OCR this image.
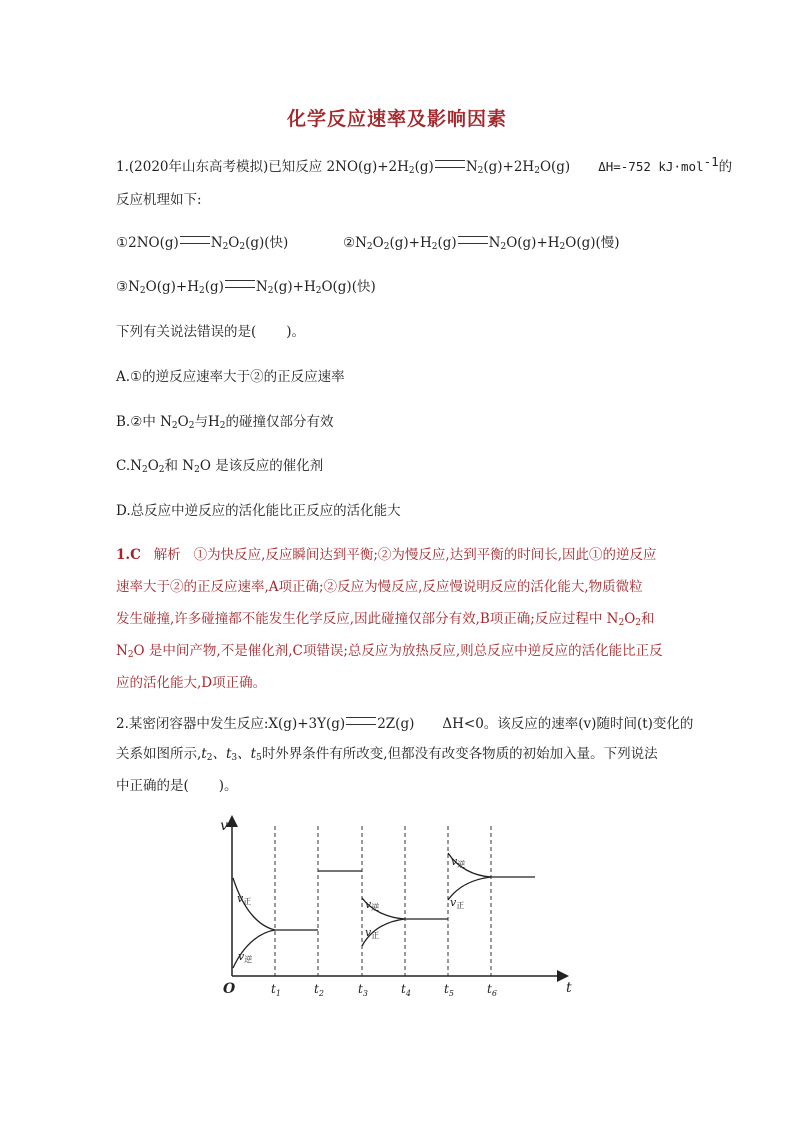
化学反应速率及影响因素
1.(2020年山东高考模拟)已知反应 $2NO(g)+2H_2(g)$ $N_2(g)+2H_2O(g)$ ΔH=-752 kJ·mol$^{-1}$的
反应机理如下:
①2NO(g) $N_2O_2(g)$(快)	$②N_2O_2(g)+H_2(g)$ $N_2O(g)+H_2O(g)$(慢)
$③N_2O(g)+H_2(g)$ $N_2(g)+H_2O(g)$(快)
下列有关说法错误的是( )。
A.①的逆反应速率大于②的正反应速率
B.②中 $N_2O_2$与$H_2$的碰撞仅部分有效
$C.N_2O_2$和 $N_2O$ 是该反应的催化剂
D.总反应中逆反应的活化能比正反应的活化能大
1.C 解析 ①为快反应,反应瞬间达到平衡;②为慢反应,达到平衡的时间长,因此①的逆反应
速率大于②的正反应速率,A项正确;②反应为慢反应,反应慢说明反应的活化能大,物质微粒
发生碰撞,许多碰撞都不能发生化学反应,因此碰撞仅部分有效,B项正确;反应过程中 $N_2O_2$和
$N_2O$ 是中间产物,不是催化剂,C项错误;总反应为放热反应,则总反应中逆反应的活化能比正反
应的活化能大,D项正确。
2.某密闭容器中发生反应:X(g)+3Y(g) 2Z(g) ΔH<0。该反应的速率(v)随时间(t)变化的
关系如图所示$,t_2$、$t_3$、$t_5$时外界条件有所改变,但都没有改变各物质的初始加入量。下列说法
中正确的是( )。
v
t
O	$t_1$	$t_2$	$t_3$	$t_4$	$t_5$	$t_6$
v正
v逆
v逆
v正
v逆
v正
